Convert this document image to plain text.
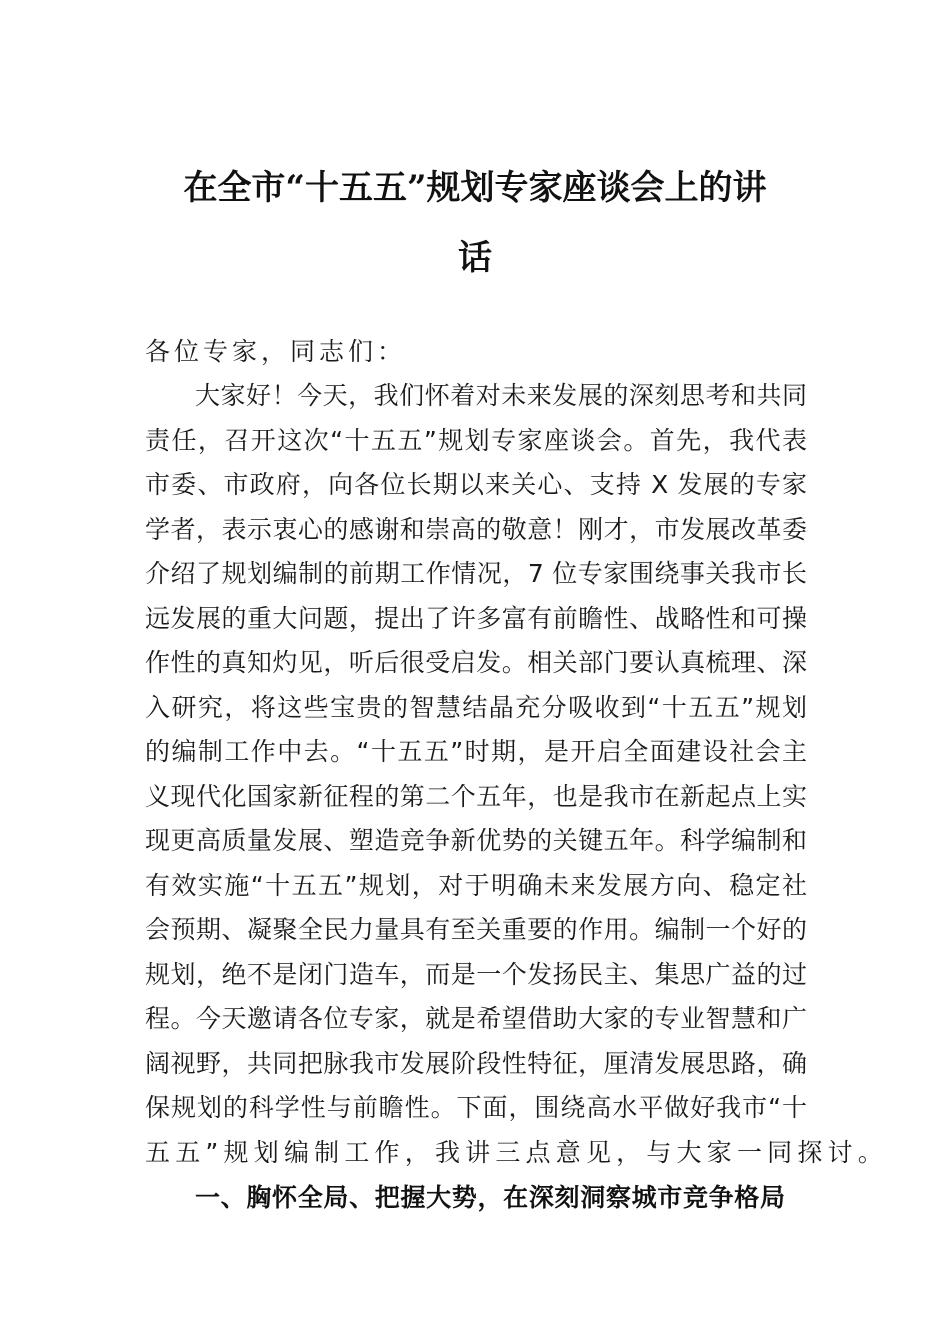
在全市“十五五”规划专家座谈会上的讲
话
各位专家，同志们：
大家好！今天，我们怀着对未来发展的深刻思考和共同
责任，召开这次“十五五”规划专家座谈会。首先，我代表
市委、市政府，向各位长期以来关心、支持 X 发展的专家
学者，表示衷心的感谢和崇高的敬意！刚才，市发展改革委
介绍了规划编制的前期工作情况，7 位专家围绕事关我市长
远发展的重大问题，提出了许多富有前瞻性、战略性和可操
作性的真知灼见，听后很受启发。相关部门要认真梳理、深
入研究，将这些宝贵的智慧结晶充分吸收到“十五五”规划
的编制工作中去。“十五五”时期，是开启全面建设社会主
义现代化国家新征程的第二个五年，也是我市在新起点上实
现更高质量发展、塑造竞争新优势的关键五年。科学编制和
有效实施“十五五”规划，对于明确未来发展方向、稳定社
会预期、凝聚全民力量具有至关重要的作用。编制一个好的
规划，绝不是闭门造车，而是一个发扬民主、集思广益的过
程。今天邀请各位专家，就是希望借助大家的专业智慧和广
阔视野，共同把脉我市发展阶段性特征，厘清发展思路，确
保规划的科学性与前瞻性。下面，围绕高水平做好我市“十
五五”规划编制工作，我讲三点意见，与大家一同探讨。
一、胸怀全局、把握大势，在深刻洞察城市竞争格局
